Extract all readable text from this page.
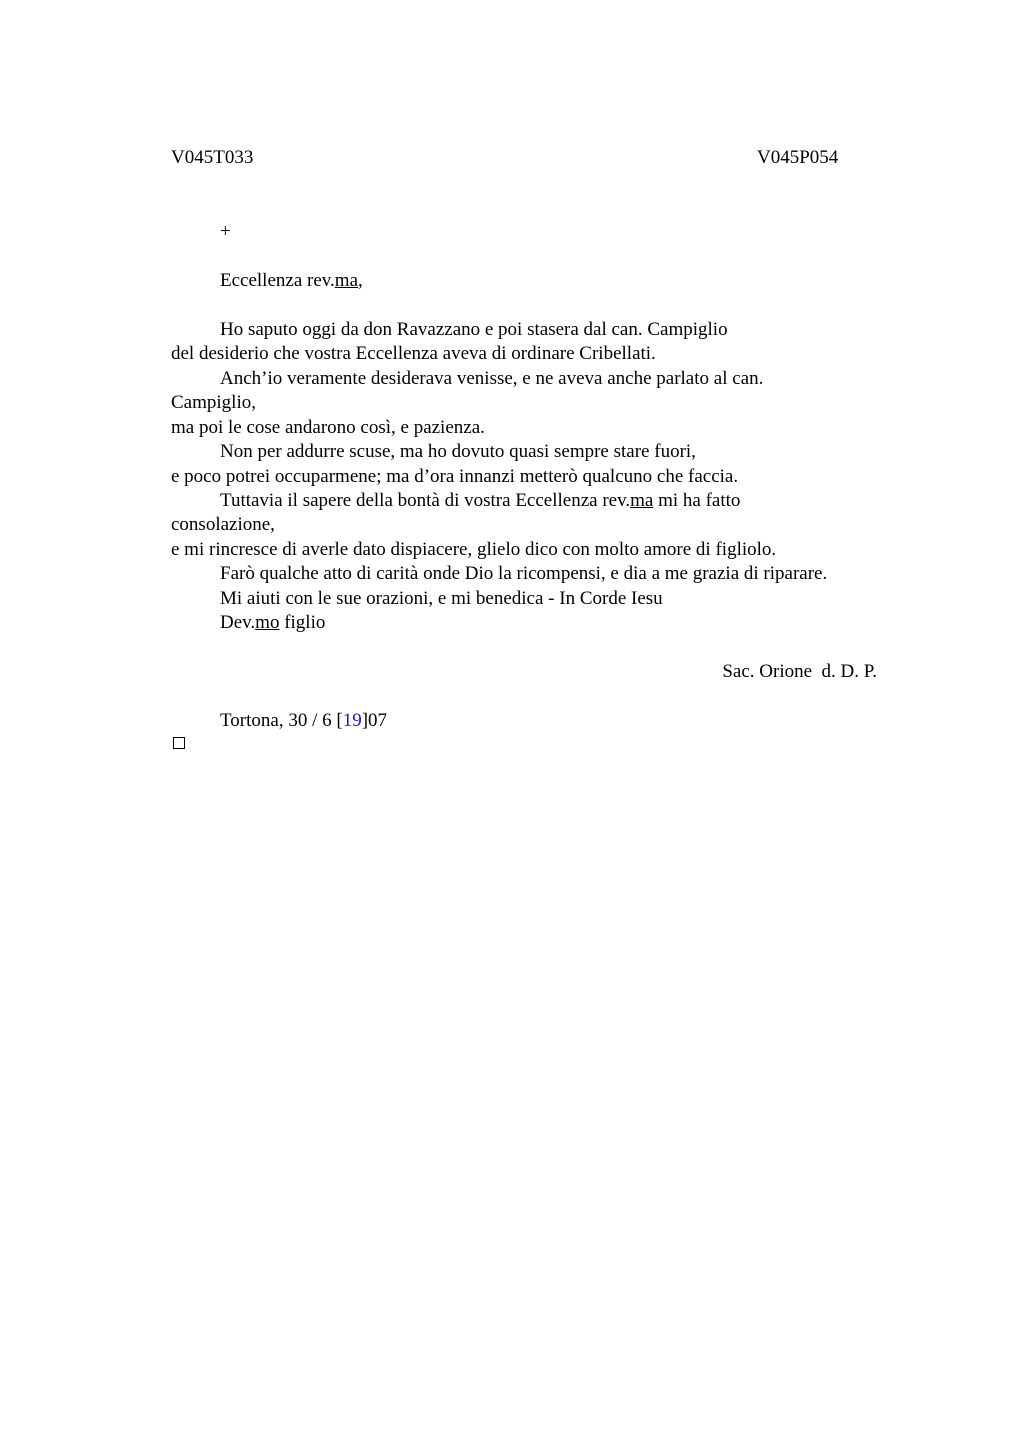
V045T033	V045P054
+
Eccellenza rev.ma,
Ho saputo oggi da don Ravazzano e poi stasera dal can. Campiglio
del desiderio che vostra Eccellenza aveva di ordinare Cribellati.
Anch’io veramente desiderava venisse, e ne aveva anche parlato al can.
Campiglio,
ma poi le cose andarono così, e pazienza.
Non per addurre scuse, ma ho dovuto quasi sempre stare fuori,
e poco potrei occuparmene; ma d’ora innanzi metterò qualcuno che faccia.
Tuttavia il sapere della bontà di vostra Eccellenza rev.ma mi ha fatto
consolazione,
e mi rincresce di averle dato dispiacere, glielo dico con molto amore di figliolo.
Farò qualche atto di carità onde Dio la ricompensi, e dia a me grazia di riparare.
Mi aiuti con le sue orazioni, e mi benedica - In Corde Iesu
Dev.mo figlio
Sac. Orione  d. D. P.
Tortona, 30 / 6 [19]07
